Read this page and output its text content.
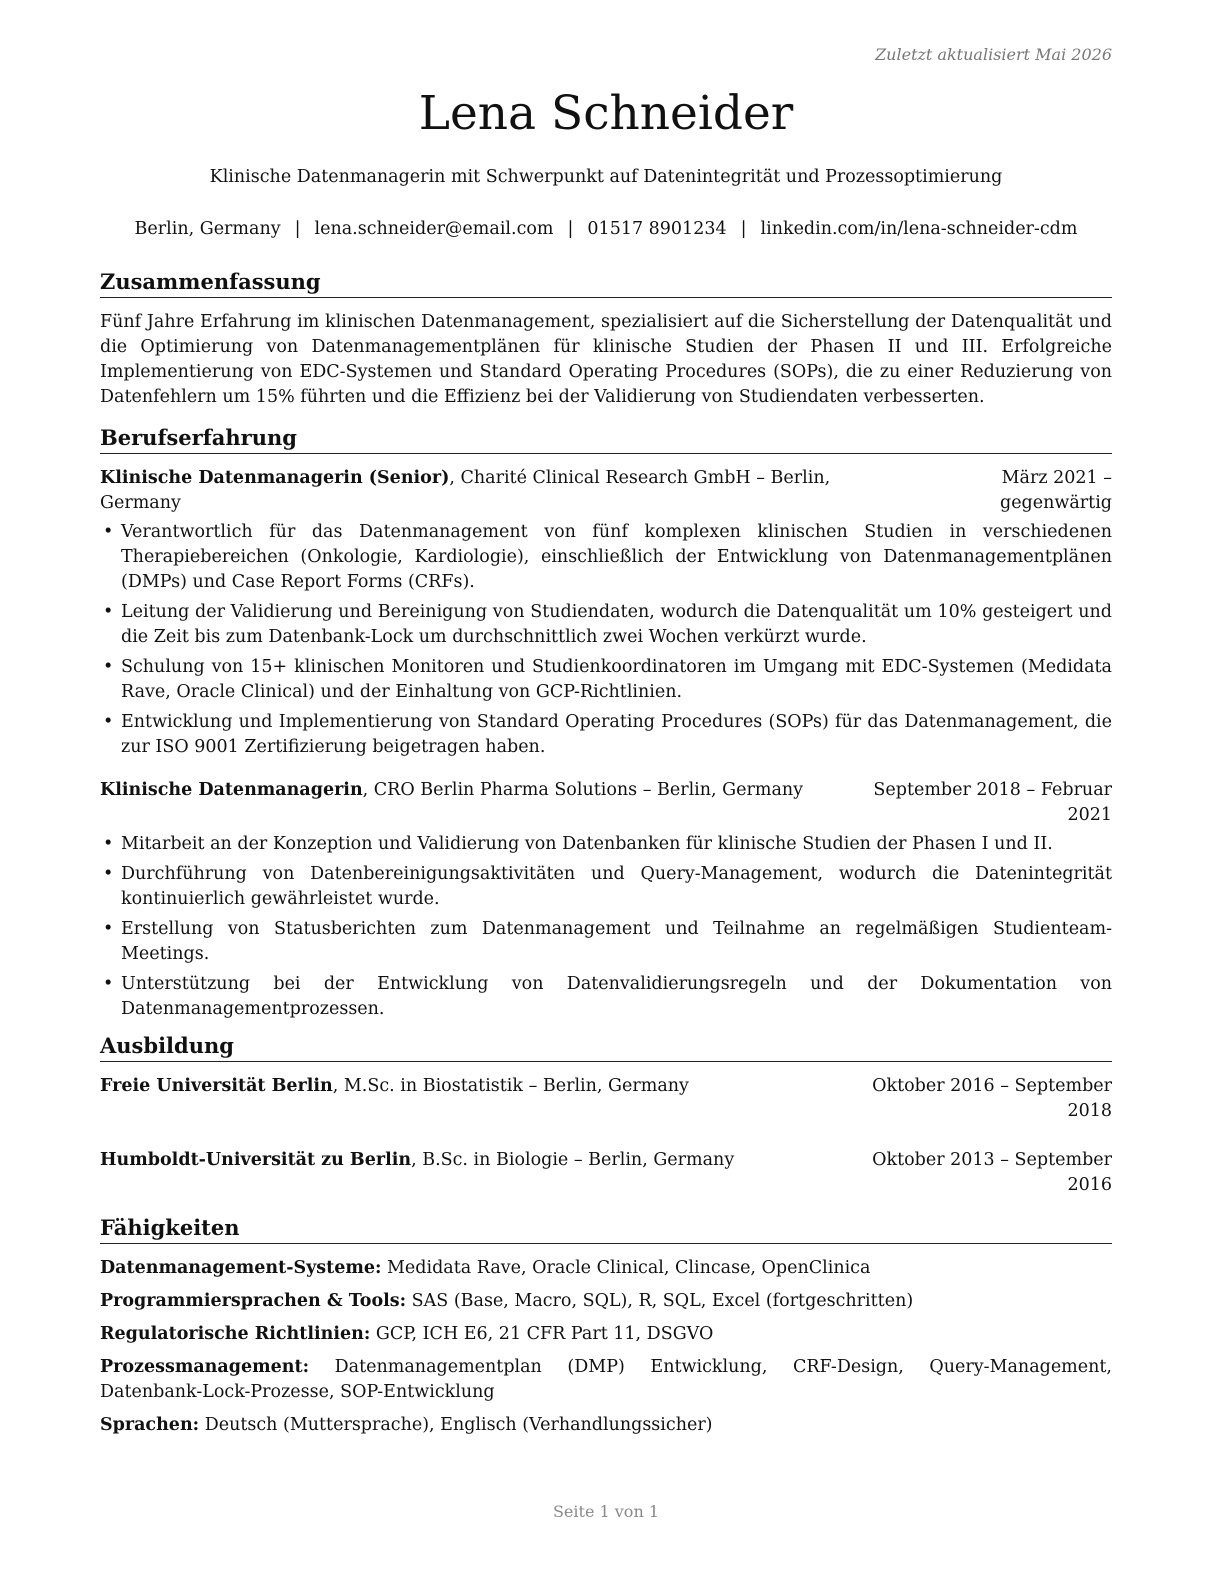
Zuletzt aktualisiert Mai 2026
Lena Schneider
Klinische Datenmanagerin mit Schwerpunkt auf Datenintegrität und Prozessoptimierung
Berlin, Germany | lena.schneider@email.com | 01517 8901234 | linkedin.com/in/lena-schneider-cdm
Zusammenfassung
Fünf Jahre Erfahrung im klinischen Datenmanagement, spezialisiert auf die Sicherstellung der Datenqualität und die Optimierung von Datenmanagementplänen für klinische Studien der Phasen II und III. Erfolgreiche Implementierung von EDC-Systemen und Standard Operating Procedures (SOPs), die zu einer Reduzierung von Datenfehlern um 15% führten und die Effizienz bei der Validierung von Studiendaten verbesserten.
Berufserfahrung
Klinische Datenmanagerin (Senior), Charité Clinical Research GmbH – Berlin, Germany
März 2021 – gegenwärtig
• Verantwortlich für das Datenmanagement von fünf komplexen klinischen Studien in verschiedenen Therapiebereichen (Onkologie, Kardiologie), einschließlich der Entwicklung von Datenmanagementplänen (DMPs) und Case Report Forms (CRFs).
• Leitung der Validierung und Bereinigung von Studiendaten, wodurch die Datenqualität um 10% gesteigert und die Zeit bis zum Datenbank-Lock um durchschnittlich zwei Wochen verkürzt wurde.
• Schulung von 15+ klinischen Monitoren und Studienkoordinatoren im Umgang mit EDC-Systemen (Medidata Rave, Oracle Clinical) und der Einhaltung von GCP-Richtlinien.
• Entwicklung und Implementierung von Standard Operating Procedures (SOPs) für das Datenmanagement, die zur ISO 9001 Zertifizierung beigetragen haben.
Klinische Datenmanagerin, CRO Berlin Pharma Solutions – Berlin, Germany	September 2018 – Februar 2021
• Mitarbeit an der Konzeption und Validierung von Datenbanken für klinische Studien der Phasen I und II.
• Durchführung von Datenbereinigungsaktivitäten und Query-Management, wodurch die Datenintegrität kontinuierlich gewährleistet wurde.
• Erstellung von Statusberichten zum Datenmanagement und Teilnahme an regelmäßigen Studienteam-Meetings.
• Unterstützung bei der Entwicklung von Datenvalidierungsregeln und der Dokumentation von Datenmanagementprozessen.
Ausbildung
Freie Universität Berlin, M.Sc. in Biostatistik – Berlin, Germany	Oktober 2016 – September 2018
Humboldt-Universität zu Berlin, B.Sc. in Biologie – Berlin, Germany	Oktober 2013 – September 2016
Fähigkeiten
Datenmanagement-Systeme: Medidata Rave, Oracle Clinical, Clincase, OpenClinica
Programmiersprachen & Tools: SAS (Base, Macro, SQL), R, SQL, Excel (fortgeschritten)
Regulatorische Richtlinien: GCP, ICH E6, 21 CFR Part 11, DSGVO
Prozessmanagement: Datenmanagementplan (DMP) Entwicklung, CRF-Design, Query-Management, Datenbank-Lock-Prozesse, SOP-Entwicklung
Sprachen: Deutsch (Muttersprache), Englisch (Verhandlungssicher)
Seite 1 von 1
